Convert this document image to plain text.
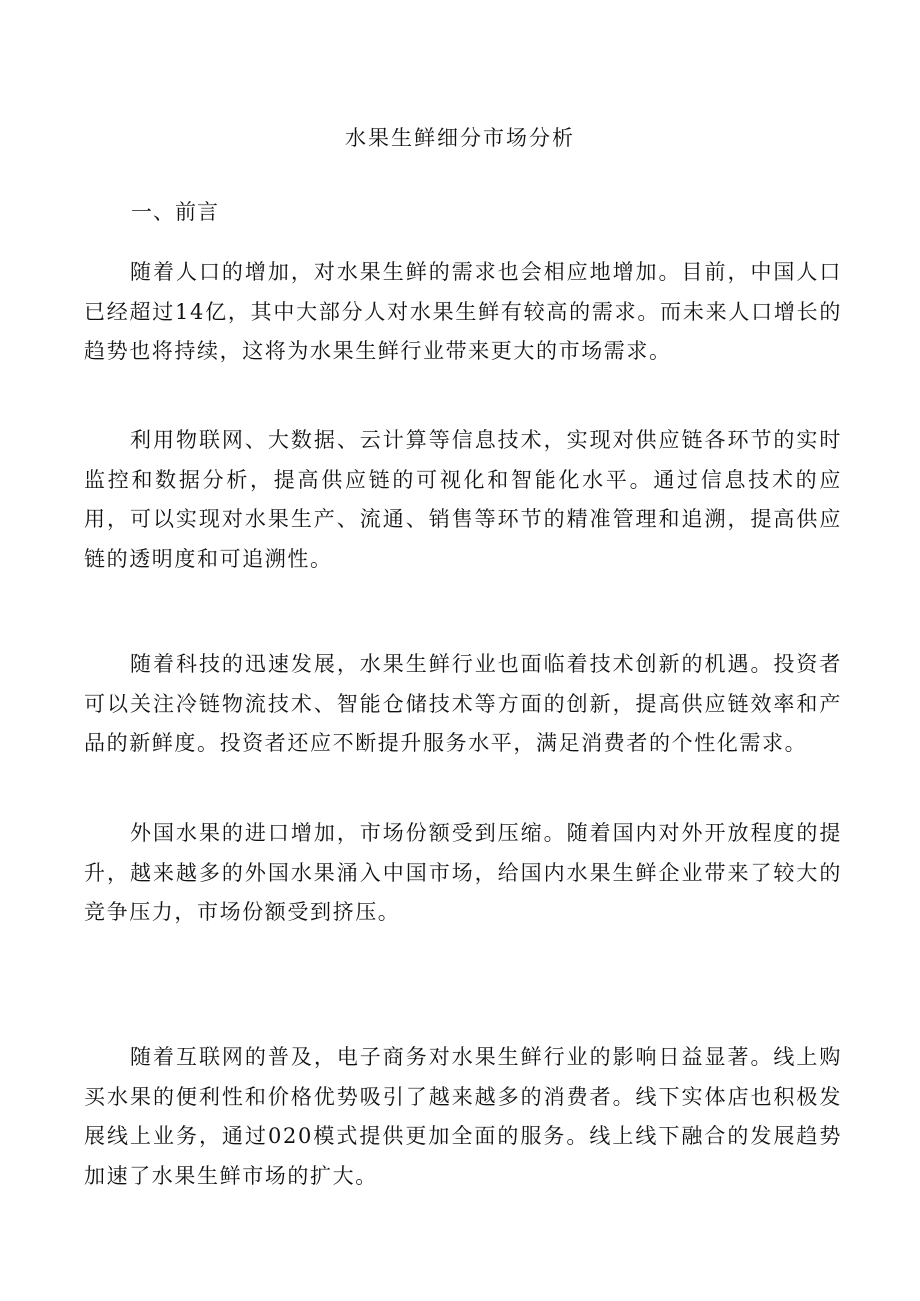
水果生鲜细分市场分析
一、前言

随着人口的增加，对水果生鲜的需求也会相应地增加。目前，中国人口已经超过14亿，其中大部分人对水果生鲜有较高的需求。而未来人口增长的趋势也将持续，这将为水果生鲜行业带来更大的市场需求。

利用物联网、大数据、云计算等信息技术，实现对供应链各环节的实时监控和数据分析，提高供应链的可视化和智能化水平。通过信息技术的应用，可以实现对水果生产、流通、销售等环节的精准管理和追溯，提高供应链的透明度和可追溯性。

随着科技的迅速发展，水果生鲜行业也面临着技术创新的机遇。投资者可以关注冷链物流技术、智能仓储技术等方面的创新，提高供应链效率和产品的新鲜度。投资者还应不断提升服务水平，满足消费者的个性化需求。

外国水果的进口增加，市场份额受到压缩。随着国内对外开放程度的提升，越来越多的外国水果涌入中国市场，给国内水果生鲜企业带来了较大的竞争压力，市场份额受到挤压。

随着互联网的普及，电子商务对水果生鲜行业的影响日益显著。线上购买水果的便利性和价格优势吸引了越来越多的消费者。线下实体店也积极发展线上业务，通过020模式提供更加全面的服务。线上线下融合的发展趋势加速了水果生鲜市场的扩大。
